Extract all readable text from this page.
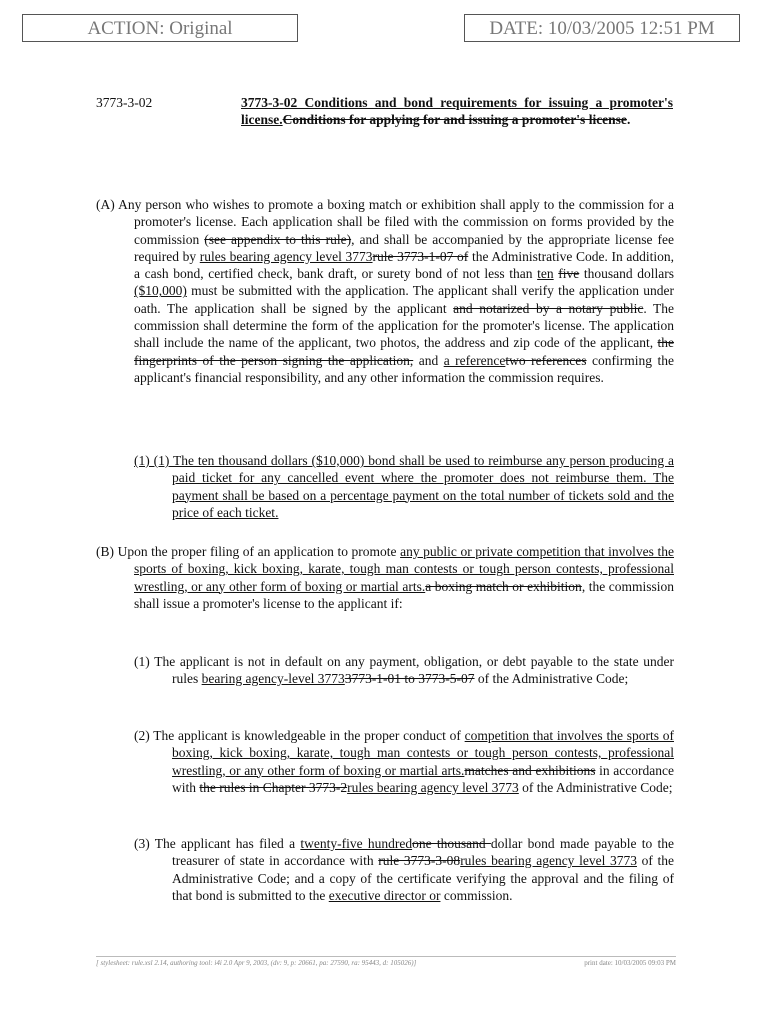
ACTION: Original	DATE: 10/03/2005 12:51 PM
3773-3-02	3773-3-02 Conditions and bond requirements for issuing a promoter's license.Conditions for applying for and issuing a promoter's license.

(A) Any person who wishes to promote a boxing match or exhibition shall apply to the commission for a promoter's license. Each application shall be filed with the commission on forms provided by the commission (see appendix to this rule), and shall be accompanied by the appropriate license fee required by rules bearing agency level 3773rule 3773-1-07 of the Administrative Code. In addition, a cash bond, certified check, bank draft, or surety bond of not less than ten five thousand dollars ($10,000) must be submitted with the application. The applicant shall verify the application under oath. The application shall be signed by the applicant and notarized by a notary public. The commission shall determine the form of the application for the promoter's license. The application shall include the name of the applicant, two photos, the address and zip code of the applicant, the fingerprints of the person signing the application, and a referencetwo references confirming the applicant's financial responsibility, and any other information the commission requires.

(1) (1) The ten thousand dollars ($10,000) bond shall be used to reimburse any person producing a paid ticket for any cancelled event where the promoter does not reimburse them. The payment shall be based on a percentage payment on the total number of tickets sold and the price of each ticket.

(B) Upon the proper filing of an application to promote any public or private competition that involves the sports of boxing, kick boxing, karate, tough man contests or tough person contests, professional wrestling, or any other form of boxing or martial arts.a boxing match or exhibition, the commission shall issue a promoter's license to the applicant if:

(1) The applicant is not in default on any payment, obligation, or debt payable to the state under rules bearing agency-level 37733773-1-01 to 3773-5-07 of the Administrative Code;

(2) The applicant is knowledgeable in the proper conduct of competition that involves the sports of boxing, kick boxing, karate, tough man contests or tough person contests, professional wrestling, or any other form of boxing or martial arts.matches and exhibitions in accordance with the rules in Chapter 3773-2rules bearing agency level 3773 of the Administrative Code;

(3) The applicant has filed a twenty-five hundredone thousand dollar bond made payable to the treasurer of state in accordance with rule 3773-3-08rules bearing agency level 3773 of the Administrative Code; and a copy of the certificate verifying the approval and the filing of that bond is submitted to the executive director or commission.

[ stylesheet: rule.xsl 2.14, authoring tool: i4i 2.0 Apr 9, 2003, (dv: 9, p: 20661, pa: 27590, ra: 95443, d: 105026)]	print date: 10/03/2005 09:03 PM
